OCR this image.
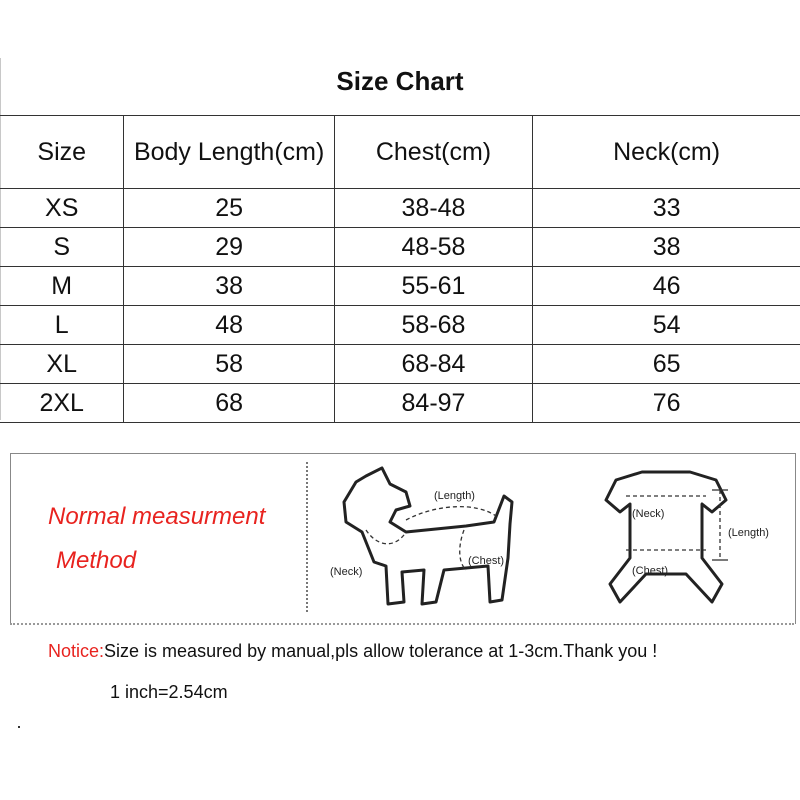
Size Chart
Size	Body Length(cm)	Chest(cm)	Neck(cm)
XS	25	38-48	33
S	29	48-58	38
M	38	55-61	46
L	48	58-68	54
XL	58	68-84	65
2XL	68	84-97	76
Normal measurment
Method
(Length)
(Neck)
(Chest)
(Neck)
(Length)
(Chest)
Notice:Size is measured by manual,pls allow tolerance at 1-3cm.Thank you !
1 inch=2.54cm
